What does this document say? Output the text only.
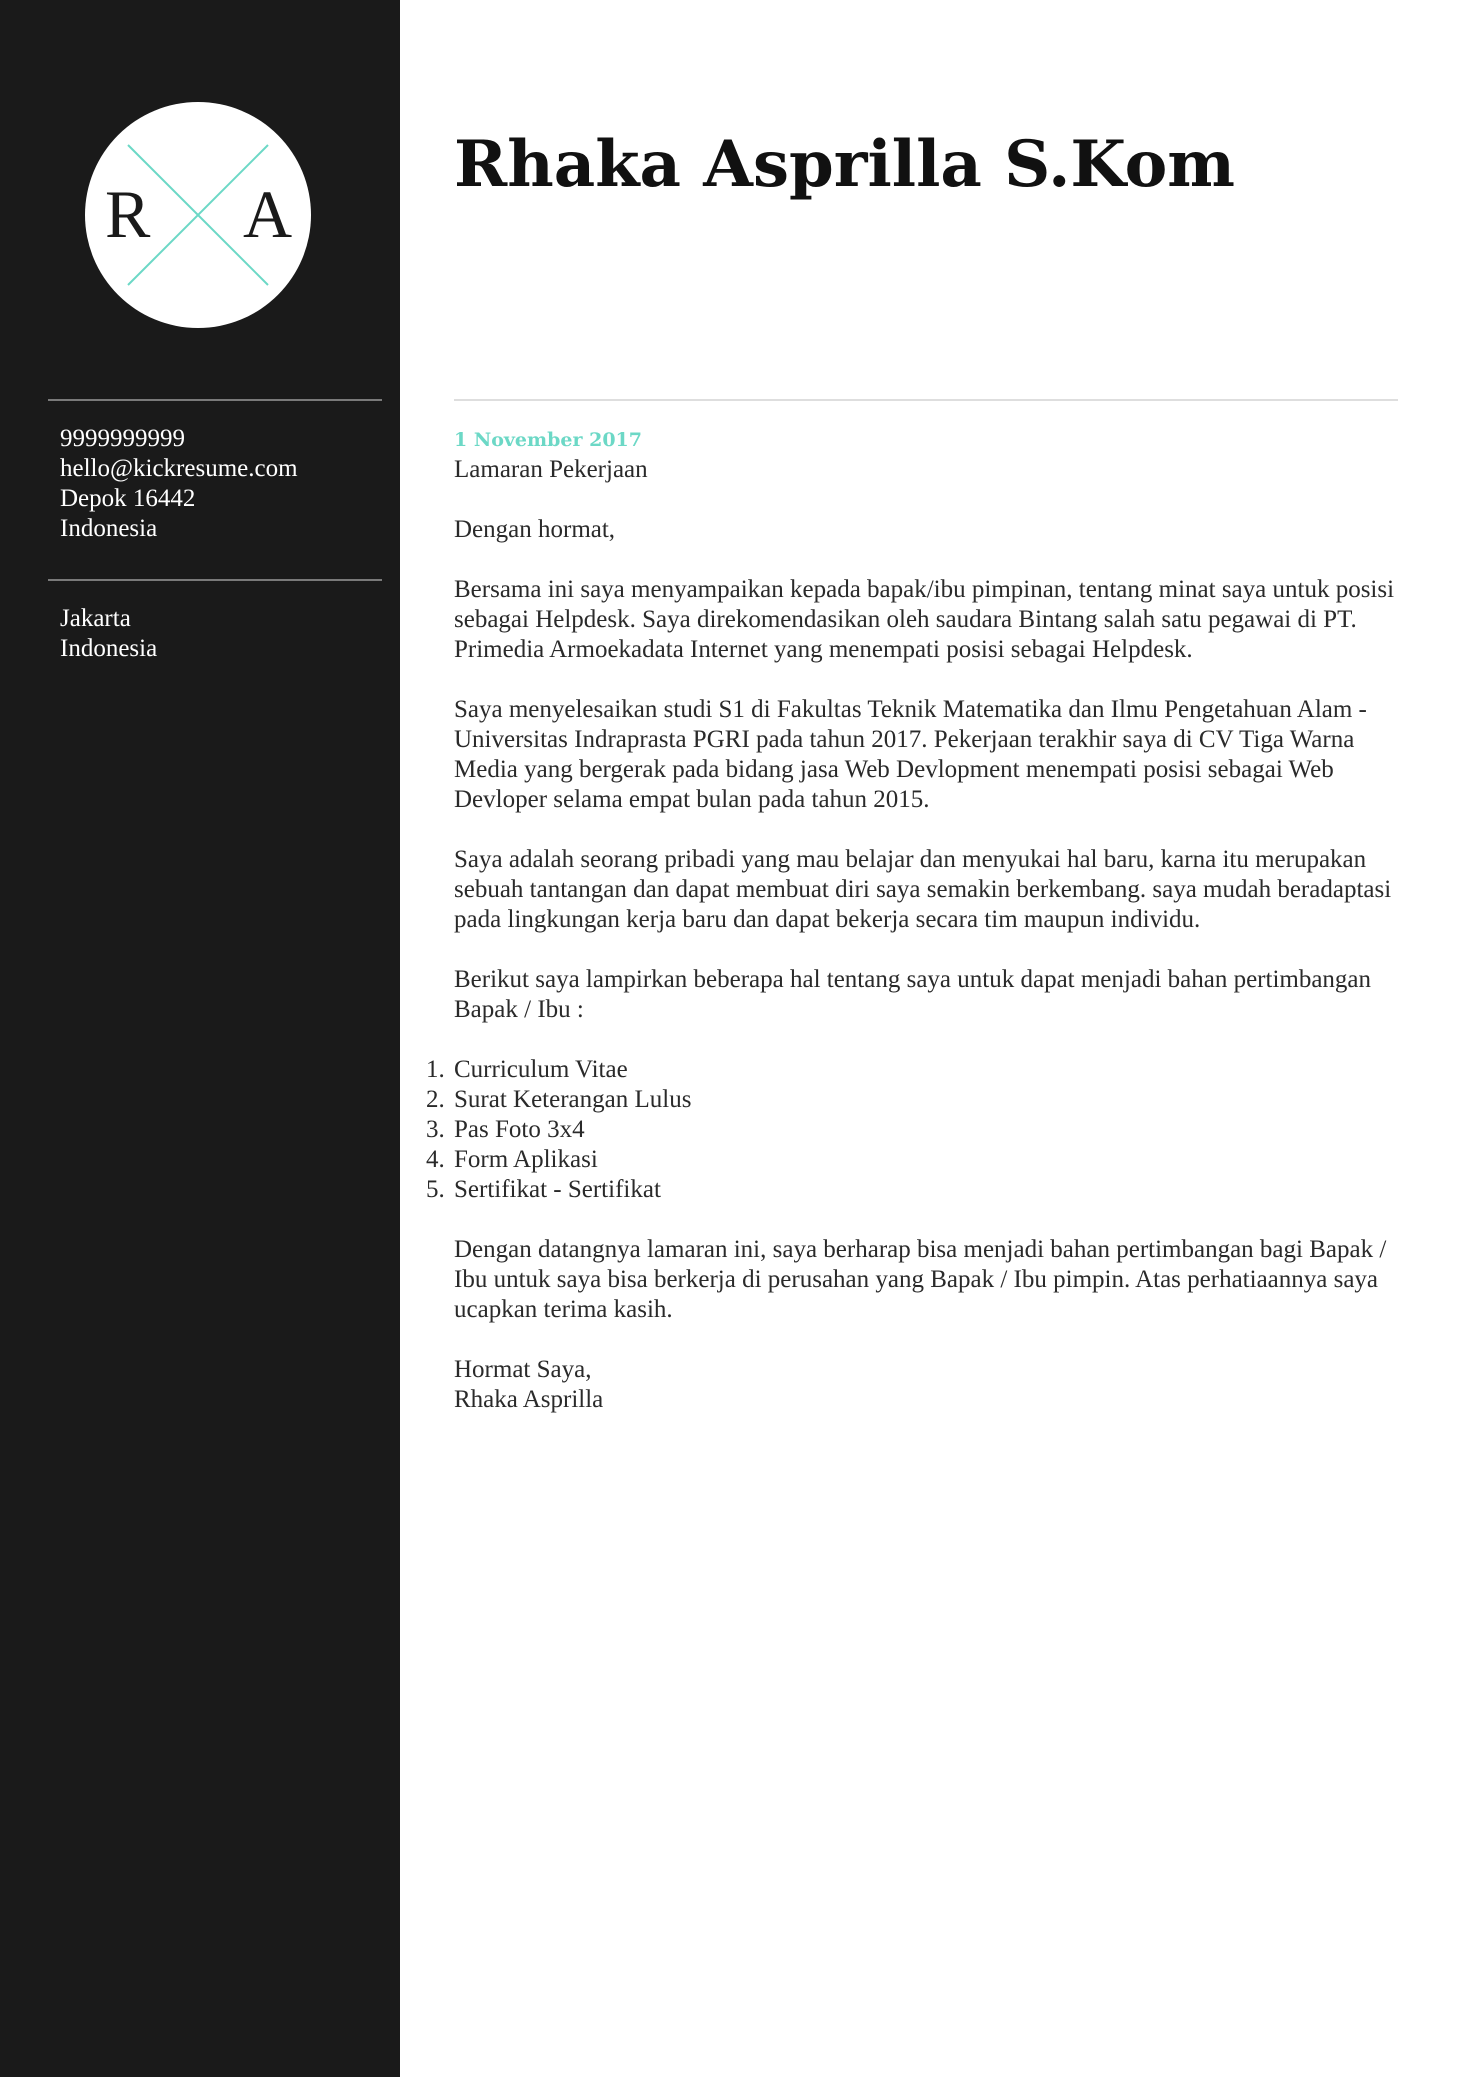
R A
9999999999
hello@kickresume.com
Depok 16442
Indonesia
Jakarta
Indonesia
Rhaka Asprilla S.Kom

1 November 2017

Lamaran Pekerjaan

Dengan hormat,

Bersama ini saya menyampaikan kepada bapak/ibu pimpinan, tentang minat saya untuk posisi sebagai Helpdesk. Saya direkomendasikan oleh saudara Bintang salah satu pegawai di PT. Primedia Armoekadata Internet yang menempati posisi sebagai Helpdesk.

Saya menyelesaikan studi S1 di Fakultas Teknik Matematika dan Ilmu Pengetahuan Alam - Universitas Indraprasta PGRI pada tahun 2017. Pekerjaan terakhir saya di CV Tiga Warna Media yang bergerak pada bidang jasa Web Devlopment menempati posisi sebagai Web Devloper selama empat bulan pada tahun 2015.

Saya adalah seorang pribadi yang mau belajar dan menyukai hal baru, karna itu merupakan sebuah tantangan dan dapat membuat diri saya semakin berkembang. saya mudah beradaptasi pada lingkungan kerja baru dan dapat bekerja secara tim maupun individu.

Berikut saya lampirkan beberapa hal tentang saya untuk dapat menjadi bahan pertimbangan Bapak / Ibu :

1. Curriculum Vitae
2. Surat Keterangan Lulus
3. Pas Foto 3x4
4. Form Aplikasi
5. Sertifikat - Sertifikat

Dengan datangnya lamaran ini, saya berharap bisa menjadi bahan pertimbangan bagi Bapak / Ibu untuk saya bisa berkerja di perusahan yang Bapak / Ibu pimpin. Atas perhatiaannya saya ucapkan terima kasih.

Hormat Saya,

Rhaka Asprilla
